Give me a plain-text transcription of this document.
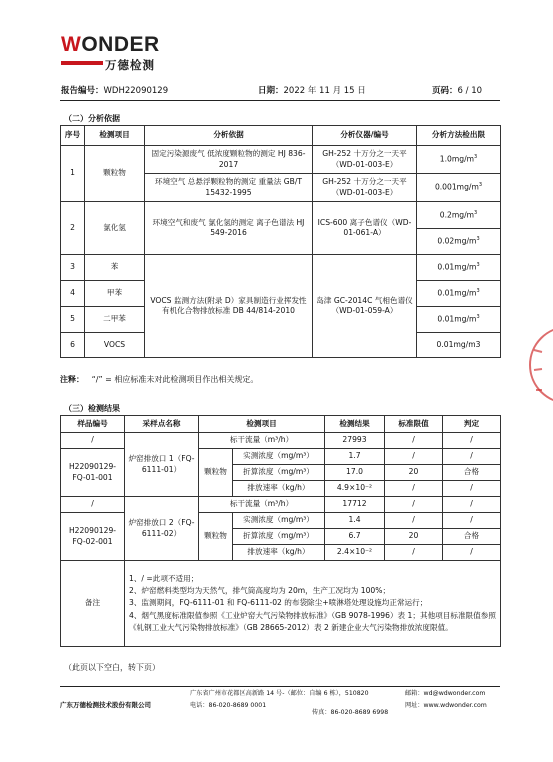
WONDER
万德检测
报告编号：WDH22090129	日期：2022 年 11 月 15 日	页码：6 / 10
（二）分析依据
序号	检测项目	分析依据	分析仪器/编号	分析方法检出限
1	颗粒物	固定污染源废气 低浓度颗粒物的测定 HJ 836-2017	GH-252 十万分之一天平（WD-01-003-E）	$1.0mg/m^3$
		环境空气 总悬浮颗粒物的测定 重量法 GB/T 15432-1995	GH-252 十万分之一天平（WD-01-003-E）	$0.001mg/m^3$
2	氯化氢	环境空气和废气 氯化氢的测定 离子色谱法 HJ 549-2016	ICS-600 离子色谱仪（WD-01-061-A）	$0.2mg/m^3$
				$0.02mg/m^3$
3	苯	VOCS 监测方法(附录 D）家具制造行业挥发性有机化合物排放标准 DB 44/814-2010	岛津 GC-2014C 气相色谱仪（WD-01-059-A）	$0.01mg/m^3$
4	甲苯			$0.01mg/m^3$
5	二甲苯			$0.01mg/m^3$
6	VOCS			0.01mg/m3
注释： “/” = 相应标准未对此检测项目作出相关规定。
（三）检测结果
样品编号	采样点名称	检测项目		检测结果	标准限值	判定
/	炉窑排放口 1（FQ-6111-01）	标干流量（m³/h）		27993	/	/
H22090129-FQ-01-001		颗粒物	实测浓度（mg/m³）	1.7	/	/
			折算浓度（mg/m³）	17.0	20	合格
			排放速率（kg/h）	4.9×10⁻²	/	/
/	炉窑排放口 2（FQ-6111-02）	标干流量（m³/h）		17712	/	/
H22090129-FQ-02-001		颗粒物	实测浓度（mg/m³）	1.4	/	/
			折算浓度（mg/m³）	6.7	20	合格
			排放速率（kg/h）	2.4×10⁻²	/	/
备注	1、/ =此项不适用；
2、炉窑燃料类型均为天然气，排气筒高度均为 20m，生产工况均为 100%；
3、监测期间，FQ-6111-01 和 FQ-6111-02 的布袋除尘+喷淋塔处理设施均正常运行；
4、烟气黑度标准限值参照《工业炉窑大气污染物排放标准》（GB 9078-1996）表 1；其他项目标准限值参照《轧钢工业大气污染物排放标准》（GB 28665-2012）表 2 新建企业大气污染物排放浓度限值。					
（此页以下空白，转下页）
广东万德检测技术股份有限公司
广东省广州市花都区高新路 14 号-（邮位：自编 6 栋），510820
电话：86-020-8689 0001
传真：86-020-8689 6998
邮箱：wd@wdwonder.com
网址：www.wdwonder.com
